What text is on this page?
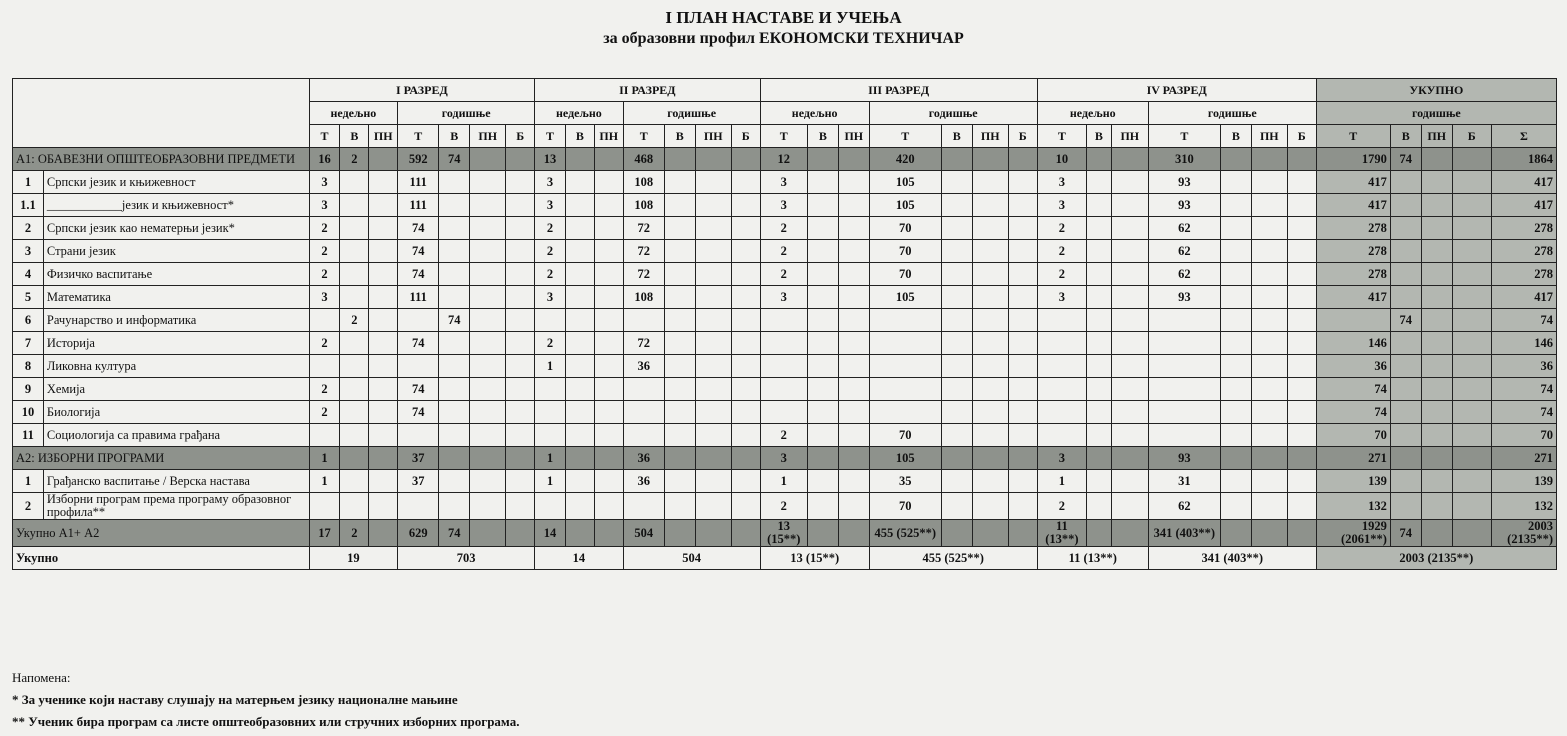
I ПЛАН НАСТАВЕ И УЧЕЊА
за образовни профил ЕКОНОМСКИ ТЕХНИЧАР
		I РАЗРЕД							II РАЗРЕД							III РАЗРЕД							IV РАЗРЕД							УКУПНО				
		недељно			годишње				недељно			годишње				недељно			годишње				недељно			годишње				годишње				
		Т	В	ПН	Т	В	ПН	Б	Т	В	ПН	Т	В	ПН	Б	Т	В	ПН	Т	В	ПН	Б	Т	В	ПН	Т	В	ПН	Б	Т	В	ПН	Б	Σ
А1: ОБАВЕЗНИ ОПШТЕОБРАЗОВНИ ПРЕДМЕТИ		16	2		592	74			13			468				12			420				10			310				1790	74			1864
1	Српски језик и књижевност	3			111				3			108				3			105				3			93				417				417
1.1	____________језик и књижевност*	3			111				3			108				3			105				3			93				417				417
2	Српски језик као нематерњи језик*	2			74				2			72				2			70				2			62				278				278
3	Страни језик	2			74				2			72				2			70				2			62				278				278
4	Физичко васпитање	2			74				2			72				2			70				2			62				278				278
5	Математика	3			111				3			108				3			105				3			93				417				417
6	Рачунарство и информатика		2			74																									74			74
7	Историја	2			74				2			72																		146				146
8	Ликовна култура								1			36																		36				36
9	Хемија	2			74																									74				74
10	Биологија	2			74																									74				74
11	Социологија са правима грађана															2			70											70				70
А2: ИЗБОРНИ ПРОГРАМИ		1			37				1			36				3			105				3			93				271				271
1	Грађанско васпитање / Верска настава	1			37				1			36				1			35				1			31				139				139
2	Изборни програм према програму образовног профила**															2			70				2			62				132				132
Укупно А1+ А2		17	2		629	74			14			504				13 (15**)			455 (525**)				11 (13**)			341 (403**)				1929 (2061**)	74			2003 (2135**)
Укупно		19			703				14			504				13 (15**)			455 (525**)				11 (13**)			341 (403**)				2003 (2135**)				
Напомена:
* За ученике који наставу слушају на матерњем језику националне мањине
** Ученик бира програм са листе општеобразовних или стручних изборних програма.
